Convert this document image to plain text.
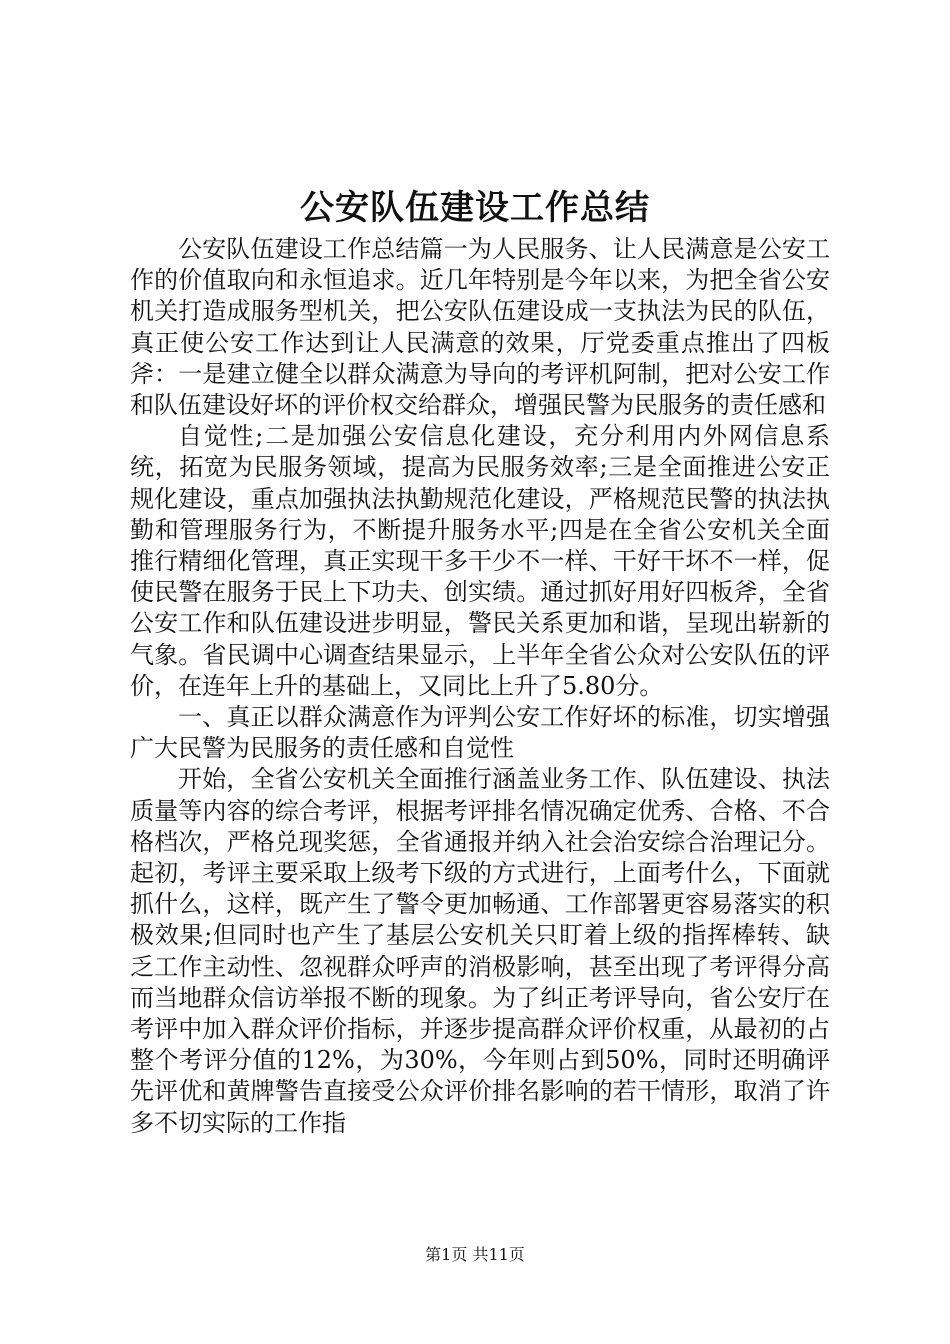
公安队伍建设工作总结

公安队伍建设工作总结篇一为人民服务、让人民满意是公安工作的价值取向和永恒追求。近几年特别是今年以来，为把全省公安机关打造成服务型机关，把公安队伍建设成一支执法为民的队伍，真正使公安工作达到让人民满意的效果，厅党委重点推出了四板斧：一是建立健全以群众满意为导向的考评机阿制，把对公安工作和队伍建设好坏的评价权交给群众，增强民警为民服务的责任感和

自觉性;二是加强公安信息化建设，充分利用内外网信息系统，拓宽为民服务领域，提高为民服务效率;三是全面推进公安正规化建设，重点加强执法执勤规范化建设，严格规范民警的执法执勤和管理服务行为，不断提升服务水平;四是在全省公安机关全面推行精细化管理，真正实现干多干少不一样、干好干坏不一样，促使民警在服务于民上下功夫、创实绩。通过抓好用好四板斧，全省公安工作和队伍建设进步明显，警民关系更加和谐，呈现出崭新的气象。省民调中心调查结果显示，上半年全省公众对公安队伍的评价，在连年上升的基础上，又同比上升了5.80分。

一、真正以群众满意作为评判公安工作好坏的标准，切实增强广大民警为民服务的责任感和自觉性

开始，全省公安机关全面推行涵盖业务工作、队伍建设、执法质量等内容的综合考评，根据考评排名情况确定优秀、合格、不合格档次，严格兑现奖惩，全省通报并纳入社会治安综合治理记分。起初，考评主要采取上级考下级的方式进行，上面考什么，下面就抓什么，这样，既产生了警令更加畅通、工作部署更容易落实的积极效果;但同时也产生了基层公安机关只盯着上级的指挥棒转、缺乏工作主动性、忽视群众呼声的消极影响，甚至出现了考评得分高而当地群众信访举报不断的现象。为了纠正考评导向，省公安厅在考评中加入群众评价指标，并逐步提高群众评价权重，从最初的占整个考评分值的12%，为30%，今年则占到50%，同时还明确评先评优和黄牌警告直接受公众评价排名影响的若干情形，取消了许多不切实际的工作指

第1页 共11页
